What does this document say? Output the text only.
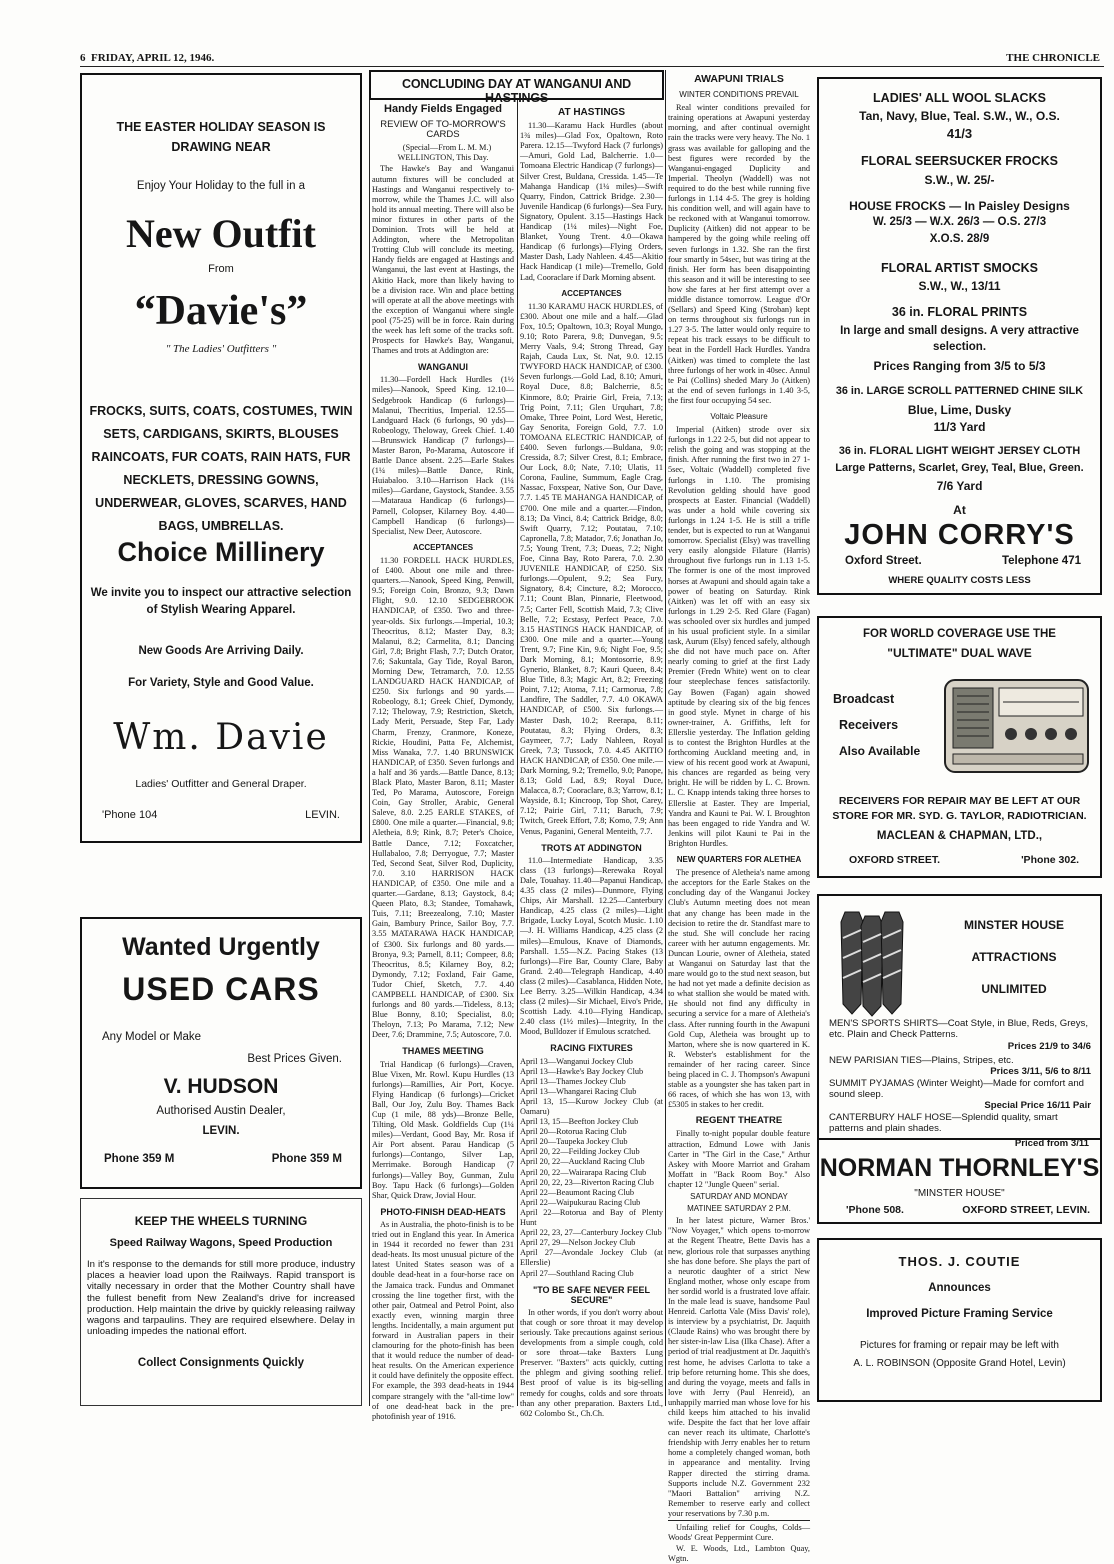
6 FRIDAY, APRIL 12, 1946.	THE CHRONICLE
THE EASTER HOLIDAY SEASON IS DRAWING NEAR
Enjoy Your Holiday to the full in a
New Outfit
From
“Davie's”
" The Ladies' Outfitters "
FROCKS, SUITS, COATS, COSTUMES, TWIN SETS, CARDIGANS, SKIRTS, BLOUSES RAINCOATS, FUR COATS, RAIN HATS, FUR NECKLETS, DRESSING GOWNS, UNDERWEAR, GLOVES, SCARVES, HAND BAGS, UMBRELLAS.
Choice Millinery
We invite you to inspect our attractive selection of Stylish Wearing Apparel.
New Goods Are Arriving Daily.
For Variety, Style and Good Value.
Wm. Davie
Ladies' Outfitter and General Draper.
'Phone 104	LEVIN.
Wanted Urgently
USED CARS
Any Model or Make
Best Prices Given.
V. HUDSON
Authorised Austin Dealer,
LEVIN.
Phone 359 M	Phone 359 M
KEEP THE WHEELS TURNING
Speed Railway Wagons, Speed Production
In it's response to the demands for still more produce, industry places a heavier load upon the Railways. Rapid transport is vitally necessary in order that the Mother Country shall have the fullest benefit from New Zealand's drive for increased production. Help maintain the drive by quickly releasing railway wagons and tarpaulins. They are required elsewhere. Delay in unloading impedes the national effort.
Collect Consignments Quickly
CONCLUDING DAY AT WANGANUI AND HASTINGS
Handy Fields Engaged
REVIEW OF TO-MORROW'S CARDS

(Special—From L. M. M.) WELLINGTON, This Day.

The Hawke's Bay and Wanganui autumn fixtures will be concluded at Hastings and Wanganui respectively to-morrow, while the Thames J.C. will also hold its annual meeting. There will also be minor fixtures in other parts of the Dominion. Trots will be held at Addington, where the Metropolitan Trotting Club will conclude its meeting. Handy fields are engaged at Hastings and Wanganui, the last event at Hastings, the Akitio Hack, more than likely having to be a division race. Win and place betting will operate at all the above meetings with the exception of Wanganui where single pool (75-25) will be in force. Rain during the week has left some of the tracks soft. Prospects for Hawke's Bay, Wanganui, Thames and trots at Addington are:

WANGANUI

11.30—Fordell Hack Hurdles (1½ miles)—Nanook, Speed King. 12.10—Sedgebrook Handicap (6 furlongs)—Malanui, Thecritius, Imperial. 12.55—Landguard Hack (6 furlongs, 90 yds)—Robeology, Theloway, Greek Chief. 1.40—Brunswick Handicap (7 furlongs)—Master Baron, Po-Marama, Autoscore if Battle Dance absent. 2.25—Earle Stakes (1¼ miles)—Battle Dance, Rink, Huiabaloo. 3.10—Harrison Hack (1¼ miles)—Gardane, Gaystock, Standee. 3.55—Mataraua Handicap (6 furlongs)—Parnell, Colopser, Kilarney Boy. 4.40—Campbell Handicap (6 furlongs)—Specialist, New Deer, Autoscore.

ACCEPTANCES

11.30 FORDELL HACK HURDLES, of £400. About one mile and three-quarters.—Nanook, Speed King, Penwill, 9.5; Foreign Coin, Bronzo, 9.3; Dawn Flight, 9.0. 12.10 SEDGEBROOK HANDICAP, of £350. Two and three-year-olds. Six furlongs.—Imperial, 10.3; Theocritus, 8.12; Master Day, 8.3; Malanui, 8.2; Carmelita, 8.1; Dancing Girl, 7.8; Bright Flash, 7.7; Dutch Orator, 7.6; Sakuntala, Gay Tide, Royal Baron, Morning Dew, Tetramarch, 7.0. 12.55 LANDGUARD HACK HANDICAP, of £250. Six furlongs and 90 yards.—Robeology, 8.1; Greek Chief, Dymondy, 7.12; Theloway, 7.9; Restriction, Sketch, Lady Merit, Persuade, Step Far, Lady Charm, Frenzy, Cranmore, Koneze, Rickie, Houdini, Patta Fe, Alchemist, Miss Wanaka, 7.7. 1.40 BRUNSWICK HANDICAP, of £350. Seven furlongs and a half and 36 yards.—Battle Dance, 8.13; Black Plato, Master Baron, 8.11; Master Ted, Po Marama, Autoscore, Foreign Coin, Gay Stroller, Arabic, General Saleve, 8.0. 2.25 EARLE STAKES, of £800. One mile a quarter.—Financial, 9.8; Aletheia, 8.9; Rink, 8.7; Peter's Choice, Battle Dance, 7.12; Foxcatcher, Hullabaloo, 7.8; Derryogue, 7.7; Master Ted, Second Seat, Silver Rod, Duplicity, 7.0. 3.10 HARRISON HACK HANDICAP, of £350. One mile and a quarter.—Gardane, 8.13; Gaystock, 8.4; Queen Plato, 8.3; Standee, Tomahawk, Tuis, 7.11; Breezealong, 7.10; Master Gain, Bambury Prince, Sailor Boy, 7.7. 3.55 MATARAWA HACK HANDICAP, of £300. Six furlongs and 80 yards.—Bronya, 9.3; Parnell, 8.11; Compeer, 8.8; Theocritus, 8.5; Kilarney Boy, 8.2; Dymondy, 7.12; Foxland, Fair Game, Tudor Chief, Sketch, 7.7. 4.40 CAMPBELL HANDICAP, of £300. Six furlongs and 80 yards.—Tideless, 8.13; Blue Bonny, 8.10; Specialist, 8.0; Theloyn, 7.13; Po Marama, 7.12; New Deer, 7.6; Drammine, 7.5; Autoscore, 7.0.

THAMES MEETING

Trial Handicap (6 furlongs)—Craven, Blue Vixen, Mr. Rowl. Kupu Hurdles (13 furlongs)—Ramillies, Air Port, Kocye. Flying Handicap (6 furlongs)—Cricket Ball, Our Joy, Zulu Boy. Thames Back Cup (1 mile, 88 yds)—Bronze Belle, Tilting, Old Mask. Goldfields Cup (1¼ miles)—Verdant, Good Bay, Mr. Rosa if Air Port absent. Parau Handicap (5 furlongs)—Contango, Silver Lap, Merrimake. Borough Handicap (7 furlongs)—Valley Boy, Gunman, Zulu Boy. Tapu Hack (6 furlongs)—Golden Shar, Quick Draw, Jovial Hour.

PHOTO-FINISH DEAD-HEATS

As in Australia, the photo-finish is to be tried out in England this year. In America in 1944 it recorded no fewer than 231 dead-heats. Its most unusual picture of the latest United States season was of a double dead-heat in a four-horse race on the Jamaica track. Fundus and Ommanet crossing the line together first, with the other pair, Oatmeal and Petrol Point, also exactly even, winning margin three lengths. Incidentally, a main argument put forward in Australian papers in their clamouring for the photo-finish has been that it would reduce the number of dead-heat results. On the American experience it could have definitely the opposite effect. For example, the 393 dead-heats in 1944 compare strangely with the "all-time low" of one dead-heat back in the pre-photofinish year of 1916.

AT HASTINGS

11.30—Karamu Hack Hurdles (about 1¾ miles)—Glad Fox, Opaltown, Roto Parera. 12.15—Twyford Hack (7 furlongs)—Amuri, Gold Lad, Balcherrie. 1.0—Tomoana Electric Handicap (7 furlongs)—Silver Crest, Buldana, Cressida. 1.45—Te Mahanga Handicap (1¼ miles)—Swift Quarry, Findon, Cattrick Bridge. 2.30—Juvenile Handicap (6 furlongs)—Sea Fury, Signatory, Opulent. 3.15—Hastings Hack Handicap (1¼ miles)—Night Foe, Blanket, Young Trent. 4.0—Okawa Handicap (6 furlongs)—Flying Orders, Master Dash, Lady Nahleen. 4.45—Akitio Hack Handicap (1 mile)—Tremello, Gold Lad, Cooraclare if Dark Morning absent.

ACCEPTANCES

11.30 KARAMU HACK HURDLES, of £300. About one mile and a half.—Glad Fox, 10.5; Opaltown, 10.3; Royal Mungo, 9.10; Roto Parera, 9.8; Dunvegan, 9.5; Merry Vaals, 9.4; Strong Thread, Gay Rajah, Cauda Lux, St. Nat, 9.0. 12.15 TWYFORD HACK HANDICAP, of £300. Seven furlongs.—Gold Lad, 8.10; Amuri, Royal Duce, 8.8; Balcherrie, 8.5; Kinmore, 8.0; Prairie Girl, Freia, 7.13; Trig Point, 7.11; Glen Urquhart, 7.8; Omake, Three Point, Lord West, Heretic, Gay Senorita, Foreign Gold, 7.7. 1.0 TOMOANA ELECTRIC HANDICAP, of £400. Seven furlongs.—Buldana, 9.0; Cressida, 8.7; Silver Crest, 8.1; Embrace, Our Lock, 8.0; Nate, 7.10; Ulatis, 11 Corona, Fauline, Summum, Eagle Crag, Nassac, Foxspear, Native Son, Our Dave, 7.7. 1.45 TE MAHANGA HANDICAP, of £700. One mile and a quarter.—Findon, 8.13; Da Vinci, 8.4; Cattrick Bridge, 8.0; Swift Quarry, 7.12; Poutatau, 7.10; Capronella, 7.8; Matador, 7.6; Jonathan Jo, 7.5; Young Trent, 7.3; Dueas, 7.2; Night Foe, Cinna Bay, Roto Parera, 7.0. 2.30 JUVENILE HANDICAP, of £250. Six furlongs.—Opulent, 9.2; Sea Fury, Signatory, 8.4; Cincture, 8.2; Morocco, 7.11; Count Blan, Pinnarie, Fleetwood, 7.5; Carter Fell, Scottish Maid, 7.3; Clive Belle, 7.2; Ecstasy, Perfect Peace, 7.0. 3.15 HASTINGS HACK HANDICAP, of £300. One mile and a quarter.—Young Trent, 9.7; Fine Kin, 9.6; Night Foe, 9.5; Dark Morning, 8.1; Montosorrie, 8.9; Gynerio, Blanket, 8.7; Kauri Queen, 8.4; Blue Title, 8.3; Magic Art, 8.2; Freezing Point, 7.12; Atoma, 7.11; Carmorua, 7.8; Landfire, The Saddler, 7.7. 4.0 OKAWA HANDICAP, of £500. Six furlongs.—Master Dash, 10.2; Reerapa, 8.11; Poutatau, 8.3; Flying Orders, 8.3; Gaymeer, 7.7; Lady Nahleen, Royal Greek, 7.3; Tussock, 7.0. 4.45 AKITIO HACK HANDICAP, of £350. One mile.—Dark Morning, 9.2; Tremello, 9.0; Panope, 8.13; Gold Lad, 8.9; Royal Duce, Malacca, 8.7; Cooraclare, 8.3; Yarrow, 8.1; Wayside, 8.1; Kincroop, Top Shot, Carey, 7.12; Pairie Girl, 7.11; Baruch, 7.9; Twitch, Greek Effort, 7.8; Komo, 7.9; Ann Venus, Paganini, General Menteith, 7.7.

TROTS AT ADDINGTON

11.0—Intermediate Handicap, 3.35 class (13 furlongs)—Rerewaka Royal Dale, Touahay. 11.40—Papanui Handicap, 4.35 class (2 miles)—Dunmore, Flying Chips, Air Marshall. 12.25—Canterbury Handicap, 4.25 class (2 miles)—Light Brigade, Lucky Loyal, Scotch Music. 1.10—J. H. Williams Handicap, 4.25 class (2 miles)—Emulous, Knave of Diamonds, Parshall. 1.55—N.Z. Pacing Stakes (13 furlongs)—Fire Bar, County Clare, Baby Grand. 2.40—Telegraph Handicap, 4.40 class (2 miles)—Casablanca, Hidden Note, Lee Berry. 3.25—Wilkin Handicap, 4.34 class (2 miles)—Sir Michael, Eivo's Pride, Scottish Lady. 4.10—Flying Handicap, 2.40 class (1½ miles)—Integrity, In the Mood, Bulldozer if Emulous scratched.

RACING FIXTURES
April 13—Wanganui Jockey Club
April 13—Hawke's Bay Jockey Club
April 13—Thames Jockey Club
April 13—Whangarei Racing Club
April 13, 15—Kurow Jockey Club (at Oamaru)
April 13, 15—Beefton Jockey Club
April 20—Rotorua Racing Club
April 20—Taupeka Jockey Club
April 20, 22—Feilding Jockey Club
April 20, 22—Auckland Racing Club
April 20, 22—Wairarapa Racing Club
April 20, 22, 23—Riverton Racing Club
April 22—Beaumont Racing Club
April 22—Waipukurau Racing Club
April 22—Rotorua and Bay of Plenty Hunt
April 22, 23, 27—Canterbury Jockey Club
April 27, 29—Nelson Jockey Club
April 27—Avondale Jockey Club (at Ellerslie)
April 27—Southland Racing Club
"TO BE SAFE NEVER FEEL SECURE"

In other words, if you don't worry about that cough or sore throat it may develop seriously. Take precautions against serious developments from a simple cough, cold or sore throat—take Baxters Lung Preserver. "Baxters" acts quickly, cutting the phlegm and giving soothing relief. Best proof of value is its big-selling remedy for coughs, colds and sore throats than any other preparation. Baxters Ltd., 602 Colombo St., Ch.Ch.

AWAPUNI TRIALS
WINTER CONDITIONS PREVAIL

Real winter conditions prevailed for training operations at Awapuni yesterday morning, and after continual overnight rain the tracks were very heavy. The No. 1 grass was available for galloping and the best figures were recorded by the Wanganui-engaged Duplicity and Imperial. Theolyn (Waddell) was not required to do the best while running five furlongs in 1.14 4-5. The grey is holding his condition well, and will again have to be reckoned with at Wanganui tomorrow. Duplicity (Aitken) did not appear to be hampered by the going while reeling off seven furlongs in 1.32. She ran the first four smartly in 54sec, but was tiring at the finish. Her form has been disappointing this season and it will be interesting to see how she fares at her first attempt over a middle distance tomorrow. League d'Or (Sellars) and Speed King (Stroban) kept on terms throughout six furlongs run in 1.27 3-5. The latter would only require to repeat his track essays to be difficult to beat in the Fordell Hack Hurdles. Yandra (Aitken) was timed to complete the last three furlongs of her work in 40sec. Annul te Pai (Collins) sheded Mary Jo (Aitken) at the end of seven furlongs in 1.40 3-5, the first four occupying 54 sec.

Voltaic Pleasure

Imperial (Aitken) strode over six furlongs in 1.22 2-5, but did not appear to relish the going and was stopping at the finish. After running the first two in 27 1-5sec, Voltaic (Waddell) completed five furlongs in 1.10. The promising Revolution gelding should have good prospects at Easter. Financial (Waddell) was under a hold while covering six furlongs in 1.24 1-5. He is still a trifle tender, but is expected to run at Wanganui tomorrow. Specialist (Elsy) was travelling very easily alongside Filature (Harris) throughout five furlongs run in 1.13 1-5. The former is one of the most improved horses at Awapuni and should again take a power of beating on Saturday. Rink (Aitken) was let off with an easy six furlongs in 1.29 2-5. Red Glare (Fagan) was schooled over six hurdles and jumped in his usual proficient style. In a similar task, Aurum (Elsy) fenced safely, although she did not have much pace on. After nearly coming to grief at the first Lady Premier (Fredn White) went on to clear four steeplechase fences satisfactorily. Gay Bowen (Fagan) again showed aptitude by clearing six of the big fences in good style. Mynet in charge of his owner-trainer, A. Griffiths, left for Ellerslie yesterday. The Inflation gelding is to contest the Brighton Hurdles at the forthcoming Auckland meeting and, in view of his recent good work at Awapuni, his chances are regarded as being very bright. He will be ridden by L. C. Brown. L. C. Knapp intends taking three horses to Ellerslie at Easter. They are Imperial, Yandra and Kauni te Pai. W. I. Broughton has been engaged to ride Yandra and W. Jenkins will pilot Kauni te Pai in the Brighton Hurdles.

NEW QUARTERS FOR ALETHEA

The presence of Aletheia's name among the acceptors for the Earle Stakes on the concluding day of the Wanganui Jockey Club's Autumn meeting does not mean that any change has been made in the decision to retire the dr. Standfast mare to the stud. She will conclude her racing career with her autumn engagements. Mr. Duncan Lourie, owner of Aletheia, stated at Wanganui on Saturday last that the mare would go to the stud next season, but he had not yet made a definite decision as to what stallion she would be mated with. He should not find any difficulty in securing a service for a mare of Aletheia's class. After running fourth in the Awapuni Gold Cup, Aletheia was brought up to Marton, where she is now quartered in K. R. Webster's establishment for the remainder of her racing career. Since being placed in C. J. Thompson's Awapuni stable as a youngster she has taken part in 66 races, of which she has won 13, with £5305 in stakes to her credit.

REGENT THEATRE

Finally to-night popular double feature attraction, Edmund Lowe with Janis Carter in "The Girl in the Case," Arthur Askey with Moore Marriot and Graham Moffatt in "Back Room Boy." Also chapter 12 "Jungle Queen" serial.

SATURDAY AND MONDAY
MATINEE SATURDAY 2 P.M.

In her latest picture, Warner Bros.' "Now Voyager," which opens to-morrow at the Regent Theatre, Bette Davis has a new, glorious role that surpasses anything she has done before. She plays the part of a neurotic daughter of a strict New England mother, whose only escape from her sordid world is a frustrated love affair. In the male lead is suave, handsome Paul Henreid. Carlotta Vale (Miss Davis' role), is interview by a psychiatrist, Dr. Jaquith (Claude Rains) who was brought there by her sister-in-law Lisa (Ilka Chase). After a period of trial readjustment at Dr. Jaquith's rest home, he advises Carlotta to take a trip before returning home. This she does, and during the voyage, meets and falls in love with Jerry (Paul Henreid), an unhappily married man whose love for his child keeps him attached to his invalid wife. Despite the fact that her love affair can never reach its ultimate, Charlotte's friendship with Jerry enables her to return home a completely changed woman, both in appearance and mentality. Irving Rapper directed the stirring drama. Supports include N.Z. Government 232 "Maori Battalion" arriving N.Z. Remember to reserve early and collect your reservations by 7.30 p.m.

Unfailing relief for Coughs, Colds—Woods' Great Peppermint Cure.

W. E. Woods, Ltd., Lambton Quay, Wgtn.

LADIES' ALL WOOL SLACKS
Tan, Navy, Blue, Teal. S.W., W., O.S.
41/3
FLORAL SEERSUCKER FROCKS
S.W., W. 25/-
HOUSE FROCKS — In Paisley Designs
W. 25/3 — W.X. 26/3 — O.S. 27/3
X.O.S. 28/9
FLORAL ARTIST SMOCKS
S.W., W., 13/11
36 in. FLORAL PRINTS
In large and small designs. A very attractive selection.
Prices Ranging from 3/5 to 5/3
36 in. LARGE SCROLL PATTERNED CHINE SILK
Blue, Lime, Dusky
11/3 Yard
36 in. FLORAL LIGHT WEIGHT JERSEY CLOTH
Large Patterns, Scarlet, Grey, Teal, Blue, Green.
7/6 Yard
At
JOHN CORRY'S
Oxford Street.	Telephone 471
WHERE QUALITY COSTS LESS
FOR WORLD COVERAGE USE THE
"ULTIMATE" DUAL WAVE
Broadcast
Receivers
Also Available
RECEIVERS FOR REPAIR MAY BE LEFT AT OUR STORE FOR MR. SYD. G. TAYLOR, RADIOTRICIAN.
MACLEAN & CHAPMAN, LTD.,
OXFORD STREET.	'Phone 302.
MINSTER HOUSE
ATTRACTIONS
UNLIMITED
MEN'S SPORTS SHIRTS—Coat Style, in Blue, Reds, Greys, etc. Plain and Check Patterns.
Prices 21/9 to 34/6
NEW PARISIAN TIES—Plains, Stripes, etc.
Prices 3/11, 5/6 to 8/11
SUMMIT PYJAMAS (Winter Weight)—Made for comfort and sound sleep.
Special Price 16/11 Pair
CANTERBURY HALF HOSE—Splendid quality, smart patterns and plain shades.
Priced from 3/11
NORMAN THORNLEY'S
"MINSTER HOUSE"
'Phone 508.	OXFORD STREET, LEVIN.
THOS. J. COUTIE
Announces
Improved Picture Framing Service
Pictures for framing or repair may be left with
A. L. ROBINSON (Opposite Grand Hotel, Levin)
